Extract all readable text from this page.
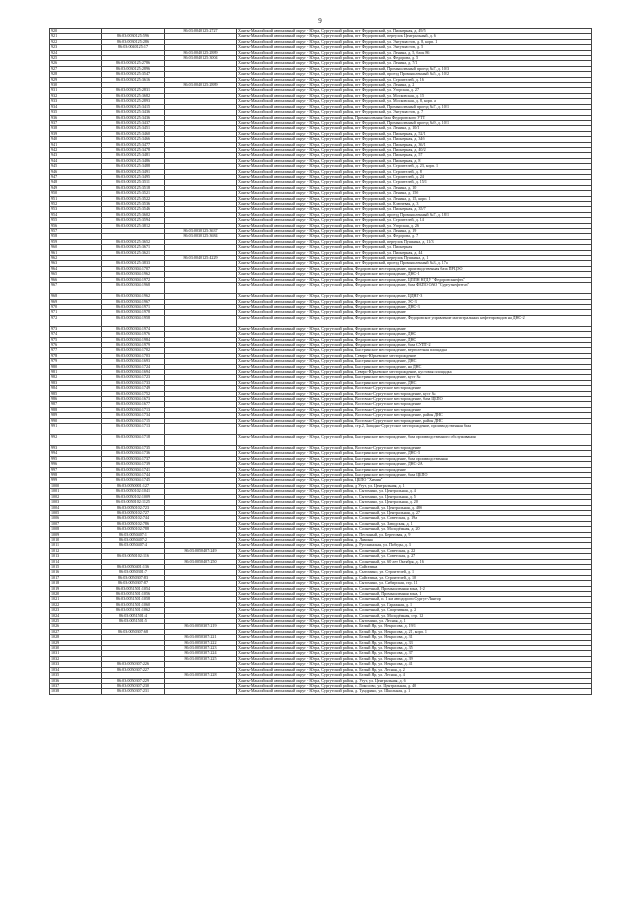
9
920		86:03:0040125:2727	Ханты-Мансийский автономный округ - Югра, Сургутский район, пгт Федоровский, ул. Пионерная, д. 49/5
921	86:03:0030125:596		Ханты-Мансийский автономный округ - Югра, Сургутский район, пгт Федоровский, переулок Центральный, д. 6
922	86:03:0030125:286		Ханты-Мансийский автономный округ - Югра, Сургутский район, пгт Федоровский, ул. Энтузиастов, д. 8, корп. 1
923	86:03:0040125:17		Ханты-Мансийский автономный округ - Югра, Сургутский район, пгт Федоровский, ул. Энтузиастов, д. 5
924		86:03:0040125:2889	Ханты-Мансийский автономный округ - Югра, Сургутский район, пгт Федоровский, ул. Ленина, д. 5, блок 86
925		86:03:0040125:3004	Ханты-Мансийский автономный округ - Югра, Сургутский район, пгт Федоровский, ул. Федорова, д. 5
926	86:03:0030125:2786		Ханты-Мансийский автономный округ - Югра, Сургутский район, пгт Федоровский, ул. Ленина, д. 7/1
927	86:03:0030125:2896		Ханты-Мансийский автономный округ - Югра, Сургутский район, пгт Федоровский, Промышленный проезд №7, д. 10/3
928	86:03:0030125:3547		Ханты-Мансийский автономный округ - Югра, Сургутский район, пгт Федоровский, проезд Промышленный №5, д. 10/2
929	86:03:0030125:3616		Ханты-Мансийский автономный округ - Югра, Сургутский район, пгт Федоровский, ул. Строителей, д. 16
930		86:03:0040125:2889	Ханты-Мансийский автономный округ - Югра, Сургутский район, пгт Федоровский, ул. Ленина, д. 2
931	86:03:0030125:2831		Ханты-Мансийский автономный округ - Югра, Сургутский район, пгт Федоровский, ул. Угорская, д. 27
932	86:03:0030125:3682		Ханты-Мансийский автономный округ - Югра, Сургутский район, пгт Федоровский, ул. Московская, д. 15
933	86:03:0030125:2893		Ханты-Мансийский автономный округ - Югра, Сургутский район, пгт Федоровский, ул. Московская, д. 8, корп. а
934	86:03:0030125:3415		Ханты-Мансийский автономный округ - Югра, Сургутский район, пгт Федоровский, Промышленный проезд №7, д. 10/1
935	86:03:0030125:3436		Ханты-Мансийский автономный округ - Югра, Сургутский район, пгт Федоровский, ул. Энтузиастов, д. 7
936	86:03:0030125:3436		Ханты-Мансийский автономный округ - Югра, Сургутский район, Промышленная база Федоровского УТТ
937	86:03:0030125:3437		Ханты-Мансийский автономный округ - Югра, Сургутский район, пгт Федоровский, Промышленный проезд №9, д. 10/1
938	86:03:0030125:3451		Ханты-Мансийский автономный округ - Югра, Сургутский район, пгт Федоровский, ул. Ленина, д. 10/1
939	86:03:0030125:3460		Ханты-Мансийский автономный округ - Югра, Сургутский район, пгт Федоровский, ул. Пионерная, д. 52/1
940	86:03:0030125:3466		Ханты-Мансийский автономный округ - Югра, Сургутский район, пгт Федоровский, ул. Пионерная, д. 34б
941	86:03:0030125:3477		Ханты-Мансийский автономный округ - Югра, Сургутский район, пгт Федоровский, ул. Пионерная, д. 36/1
942	86:03:0030125:3478		Ханты-Мансийский автономный округ - Югра, Сургутский район, пгт Федоровский, ул. Пионерная, д. 40/2
943	86:03:0030125:3481		Ханты-Мансийский автономный округ - Югра, Сургутский район, пгт Федоровский, ул. Пионерная, д. 57
944	86:03:0030125:3486		Ханты-Мансийский автономный округ - Югра, Сургутский район, пгт Федоровский, ул. Пионерная, д. 8
945	86:03:0030125:3488		Ханты-Мансийский автономный округ - Югра, Сургутский район, пгт Федоровский, ул. Строителей, д. 23, корп. 1
946	86:03:0030125:3491		Ханты-Мансийский автономный округ - Югра, Сургутский район, пгт Федоровский, ул. Строителей, д. 8
947	86:03:0030125:3495		Ханты-Мансийский автономный округ - Югра, Сургутский район, пгт Федоровский, ул. Строителей, д. 24
948	86:03:0030125:3511		Ханты-Мансийский автономный округ - Югра, Сургутский район, пгт Федоровский, ул. Строителей, д. 15/1
949	86:03:0030125:3518		Ханты-Мансийский автономный округ - Югра, Сургутский район, пгт Федоровский, ул. Ленина, д. 10
950	86:03:0030125:3521		Ханты-Мансийский автономный округ - Югра, Сургутский район, пгт Федоровский, ул. Ленина, д. 15б
951	86:03:0030125:3522		Ханты-Мансийский автономный округ - Югра, Сургутский район, пгт Федоровский, ул. Ленина, д. 15, корп. 1
952	86:03:0030125:3536		Ханты-Мансийский автономный округ - Югра, Сургутский район, пгт Федоровский, ул. Ключевая, д. 3
953	86:03:0030125:3546		Ханты-Мансийский автономный округ - Югра, Сургутский район, пгт Федоровский, ул. Пионерная, д. 35/7
954	86:03:0030125:3602		Ханты-Мансийский автономный округ - Югра, Сургутский район, пгт Федоровский, проезд Промышленный №7, д. 18/1
955	86:03:0030125:3594		Ханты-Мансийский автономный округ - Югра, Сургутский район, пгт Федоровский, ул. Строителей, д. 14
956	86:03:0030125:3812		Ханты-Мансийский автономный округ - Югра, Сургутский район, пгт Федоровский, ул. Угорская, д. 26
957		86:03:0030125:3637	Ханты-Мансийский автономный округ - Югра, Сургутский район, пгт Федоровский, ул. Ленина, д. 19
958		86:03:0030125:3684	Ханты-Мансийский автономный округ - Югра, Сургутский район, пгт Федоровский, ул. Федорова, д. 7
959	86:03:0030125:3652		Ханты-Мансийский автономный округ - Югра, Сургутский район, пгт Федоровский, переулок Пушкина, д. 11/3
960	86:03:0030125:3671		Ханты-Мансийский автономный округ - Югра, Сургутский район, пгт Федоровский, ул. Пионерная
961	86:03:0030125:3621		Ханты-Мансийский автономный округ - Югра, Сургутский район, пгт Федоровский, ул. Пионерная, д. 44
962		86:03:0040125:4229	Ханты-Мансийский автономный округ - Югра, Сургутский район, пгт Федоровский, переулок Пушкина, д. 1
963	86:03:0030125:3833		Ханты-Мансийский автономный округ - Югра, Сургутский район, пгт Федоровский, проезд Промышленный №3, д. 17а
964	86:03:0050304:1707		Ханты-Мансийский автономный округ - Югра, Сургутский район, Федоровское месторождение, производственная база ПРЦЭО
965	86:03:0050304:1962		Ханты-Мансийский автономный округ - Югра, Сургутский район, Федоровское месторождение, ДНС-1
966	86:03:0050304:1972		Ханты-Мансийский автономный округ - Югра, Сургутский район, Федоровское месторождение, ЦППН НГДУ "Федоровскнефть"
967	86:03:0050304:1968		Ханты-Мансийский автономный округ - Югра, Сургутский район, Федоровское месторождение, база ФБПО ОАО "Сургутнефтегаз"
968	86:03:0050304:1962		Ханты-Мансийский автономный округ - Югра, Сургутский район, Федоровское месторождение, ЦДНГ-3
969	86:03:0050304:1967		Ханты-Мансийский автономный округ - Югра, Сургутский район, Федоровское месторождение, ЭС-3
970	86:03:0050304:1971		Ханты-Мансийский автономный округ - Югра, Сургутский район, Федоровское месторождение, ДНС-3
971	86:03:0050304:1978		Ханты-Мансийский автономный округ - Югра, Сургутский район, Федоровское месторождение
972	86:03:0050304:1958		Ханты-Мансийский автономный округ - Югра, Сургутский район, Федоровское месторождение, Федоровское управление магистральных нефтепроводов на ДНС-2
973	86:03:0050304:1974		Ханты-Мансийский автономный округ - Югра, Сургутский район, Федоровское месторождение
974	86:03:0050304:1976		Ханты-Мансийский автономный округ - Югра, Сургутский район, Федоровское месторождение, ДНС
975	86:03:0050304:1984		Ханты-Мансийский автономный округ - Югра, Сургутский район, Федоровское месторождение, ДНС
976	86:03:0050304:1979		Ханты-Мансийский автономный округ - Югра, Сургутский район, Федоровское месторождение, база СУПТ-2
977	86:03:0050304:1702		Ханты-Мансийский автономный округ - Югра, Сургутский район, Быстринское месторождение, вертолетная площадка
978	86:03:0050304:1703		Ханты-Мансийский автономный округ - Югра, Сургутский район, Северо-Юрьевское месторождение
979	86:03:0050304:1693		Ханты-Мансийский автономный округ - Югра, Сургутский район, Быстринское месторождение, ДНС
980	86:03:0050304:1724		Ханты-Мансийский автономный округ - Югра, Сургутский район, Быстринское месторождение, на ДНС
981	86:03:0050304:1694		Ханты-Мансийский автономный округ - Югра, Сургутский район, Северо-Юрьевское месторождение, кустовая площадка
982	86:03:0050304:1723		Ханты-Мансийский автономный округ - Югра, Сургутский район, Быстринское месторождение, куст №
983	86:03:0050304:1733		Ханты-Мансийский автономный округ - Югра, Сургутский район, Быстринское месторождение, ДНС
984	86:03:0050304:1749		Ханты-Мансийский автономный округ - Югра, Сургутский район, Восточно-Сургутское месторождение
985	86:03:0050304:1752		Ханты-Мансийский автономный округ - Югра, Сургутский район, Восточно-Сургутское месторождение, куст №
986	86:03:0050304:1673		Ханты-Мансийский автономный округ - Югра, Сургутский район, Восточно-Сургутское месторождение, база ЦБПО
987	86:03:0050304:1677		Ханты-Мансийский автономный округ - Югра, Сургутский район, Восточно-Сургутское месторождение
988	86:03:0050304:1713		Ханты-Мансийский автономный округ - Югра, Сургутский район, Восточно-Сургутское месторождение
989	86:03:0050304:1734		Ханты-Мансийский автономный округ - Югра, Сургутский район, Восточно-Сургутское месторождение, район ДНС
990	86:03:0050304:1715		Ханты-Мансийский автономный округ - Югра, Сургутский район, Восточно-Сургутское месторождение, район ДНС
991	86:03:0050304:1713		Ханты-Мансийский автономный округ - Югра, Сургутский район, стр.2, Западно-Сургутское месторождение, производственная база
992	86:03:0050304:1718		Ханты-Мансийский автономный округ - Югра, Сургутский район, Быстринское месторождение, база производственного обслуживания
993	86:03:0050304:1735		Ханты-Мансийский автономный округ - Югра, Сургутский район, Восточно-Сургутское месторождение
994	86:03:0050304:1736		Ханты-Мансийский автономный округ - Югра, Сургутский район, Быстринское месторождение, ДНС-3
995	86:03:0050304:1737		Ханты-Мансийский автономный округ - Югра, Сургутский район, Быстринское месторождение, база производственная
996	86:03:0050304:1739		Ханты-Мансийский автономный округ - Югра, Сургутский район, Быстринское месторождение, ДНС-2А
997	86:03:0050304:1741		Ханты-Mансийский автономный округ - Югра, Сургутский район, Быстринское месторождение
998	86:03:0050304:1744		Ханты-Мансийский автономный округ - Югра, Сургутский район, Быстринское месторождение, база ЦБПО
999	86:03:0050304:1745		Ханты-Мансийский автономный округ - Югра, Сургутский район, ЦБПО "Химия"
1000	86:03:0050001:127		Ханты-Мансийский автономный округ - Югра, Сургутский район, д Угут, ул. Центральная, д. 1
1001	86:03:0050102:1041		Ханты-Мансийский автономный округ - Югра, Сургутский район, с. Сытомино, ул. Центральная, д. 4
1002	86:03:0050102:1009		Ханты-Мансийский автономный округ - Югра, Сургутский район, с. Сытомино, ул. Центральная, д. 5
1003	86:03:0050102:1125		Ханты-Мансийский автономный округ - Югра, Сургутский район, с. Сытомино, ул. Центральная, д. 20
1004	86:03:0050102:723		Ханты-Мансийский автономный округ - Югра, Сургутский район, п. Солнечный, ул. Центральная, д. 48б
1005	86:03:0050102:727		Ханты-Мансийский автономный округ - Югра, Сургутский район, п. Солнечный, ул. Центральная, д. 27
1006	86:03:0050102:744		Ханты-Мансийский автономный округ - Югра, Сургутский район, п. Солнечный, ул. Советская, д. 19а
1007	86:03:0050102:786		Ханты-Мансийский автономный округ - Югра, Сургутский район, п. Солнечный, ул. Заводская, д. 1
1008	86:03:0050102:788		Ханты-Мансийский автономный округ - Югра, Сургутский район, п. Солнечный, ул. Молодёжная, д. 20
1009	86:03:0050407:1		Ханты-Мансийский автономный округ - Югра, Сургутский район, п. Песчаный, ул. Береговая, д. 9
1010	86:03:0050407:2		Ханты-Мансийский автономный округ - Югра, Сургутский район, д. Лямина
1011	86:03:0050407:4		Ханты-Мансийский автономный округ - Югра, Сургутский район, д. Русскинская, ул. Победы, д. 3
1012		86:03:0050407:249	Ханты-Мансийский автономный округ - Югра, Сургутский район, п. Солнечный, ул. Советская, д. 22
1013	86:03:0050102:116		Ханты-Мансийский автономный округ - Югра, Сургутский район, п. Солнечный, ул. Советская, д. 27
1014		86:03:0050407:250	Ханты-Мансийский автономный округ - Югра, Сургутский район, п. Солнечный, ул. 60 лет Октября, д. 16
1015	86:03:0050401:136		Ханты-Мансийский автономный округ - Югра, Сургутский район, д. Сайгатина
1016	86:03:0050301:7		Ханты-Мансийский автономный округ - Югра, Сургутский район, д. Сытомино, ул. Строителей, д. 1
1017	86:03:0050307:83		Ханты-Мансийский автономный округ - Югра, Сургутский район, д. Сайгатина, ул. Строителей, д. 10
1018	86:03:0050307:87		Ханты-Мансийский автономный округ - Югра, Сургутский район, с. Сытомино, ул. Сибирская, стр. 11
1019	86:03:0051501:1054		Ханты-Мансийский автономный округ - Югра, Сургутский район, п. Солнечный, Промышленная зона, 1-2
1020	86:03:0051501:1056		Ханты-Мансийский автономный округ - Югра, Сургутский район, п. Солнечный, Промышленная зона, 1
1021	86:03:0051501:1058		Ханты-Мансийский автономный округ - Югра, Сургутский район, п. Солнечный, п. 1 км автодороги Сургут-Лянтор
1022	86:03:0051501:1060		Ханты-Мансийский автономный округ - Югра, Сургутский район, п. Солнечный, ул. Гаражная, д. 1
1023	86:03:0051501:1062		Ханты-Мансийский автономный округ - Югра, Сургутский район, п. Солнечный, ул. Спортивная, д. 2
1024	86:03:0051501:4		Ханты-Мансийский автономный округ - Югра, Сургутский район, п. Солнечный, ул. Молодёжная, стр. 12
1025	86:03:0051501:5		Ханты-Mансийский автономный округ - Югра, Сургутский район, с. Сытомино, ул. Лесная, д. 1
1026		86:03:0050307:219	Ханты-Мансийский автономный округ - Югра, Сургутский район, п. Белый Яр, ул. Некрасова, д. 19/1
1027	86:03:0050307:68		Ханты-Мансийский автономный округ - Югра, Сургутский район, п. Белый Яр, ул. Некрасова, д. 21, корп. 1
1028		86:03:0050307:221	Ханты-Мансийский автономный округ - Югра, Сургутский район, п. Белый Яр, ул. Некрасова, д. 31
1029		86:03:0050307:222	Ханты-Мансийский автономный округ - Югра, Сургутский район, п. Белый Яр, ул. Некрасова, д. 33
1030		86:03:0050307:223	Ханты-Мансийский автономный округ - Югра, Сургутский район, п. Белый Яр, ул. Некрасова, д. 35
1031		86:03:0050307:224	Ханты-Мансийский автономный округ - Югра, Сургутский район, п. Белый Яр, ул. Некрасова, д. 37
1032		86:03:0050307:225	Ханты-Мансийский автономный округ - Югра, Сургутский район, п. Белый Яр, ул. Некрасова, д. 39
1033	86:03:0050307:226		Ханты-Мансийский автономный округ - Югра, Сургутский район, п. Белый Яр, ул. Некрасова, д. 41
1034	86:03:0050307:227		Ханты-Мансийский автономный округ - Югра, Сургутский район, п. Белый Яр, ул. Лесная, д. 2
1035		86:03:0050307:228	Ханты-Мансийский автономный округ - Югра, Сургутский район, п. Белый Яр, ул. Лесная, д. 4
1036	86:03:0050307:229		Ханты-Мансийский автономный округ - Югра, Сургутский район, д. Угут, ул. Центральная, д. 6
1037	86:03:0050307:230		Ханты-Мансийский автономный округ - Югра, Сургутский район, с. Локосово, ул. Центральная, д. 40
1038	86:03:0050307:231		Ханты-Мансийский автономный округ - Югра, Сургутский район, д. Тундрино, ул. Школьная, д. 1
